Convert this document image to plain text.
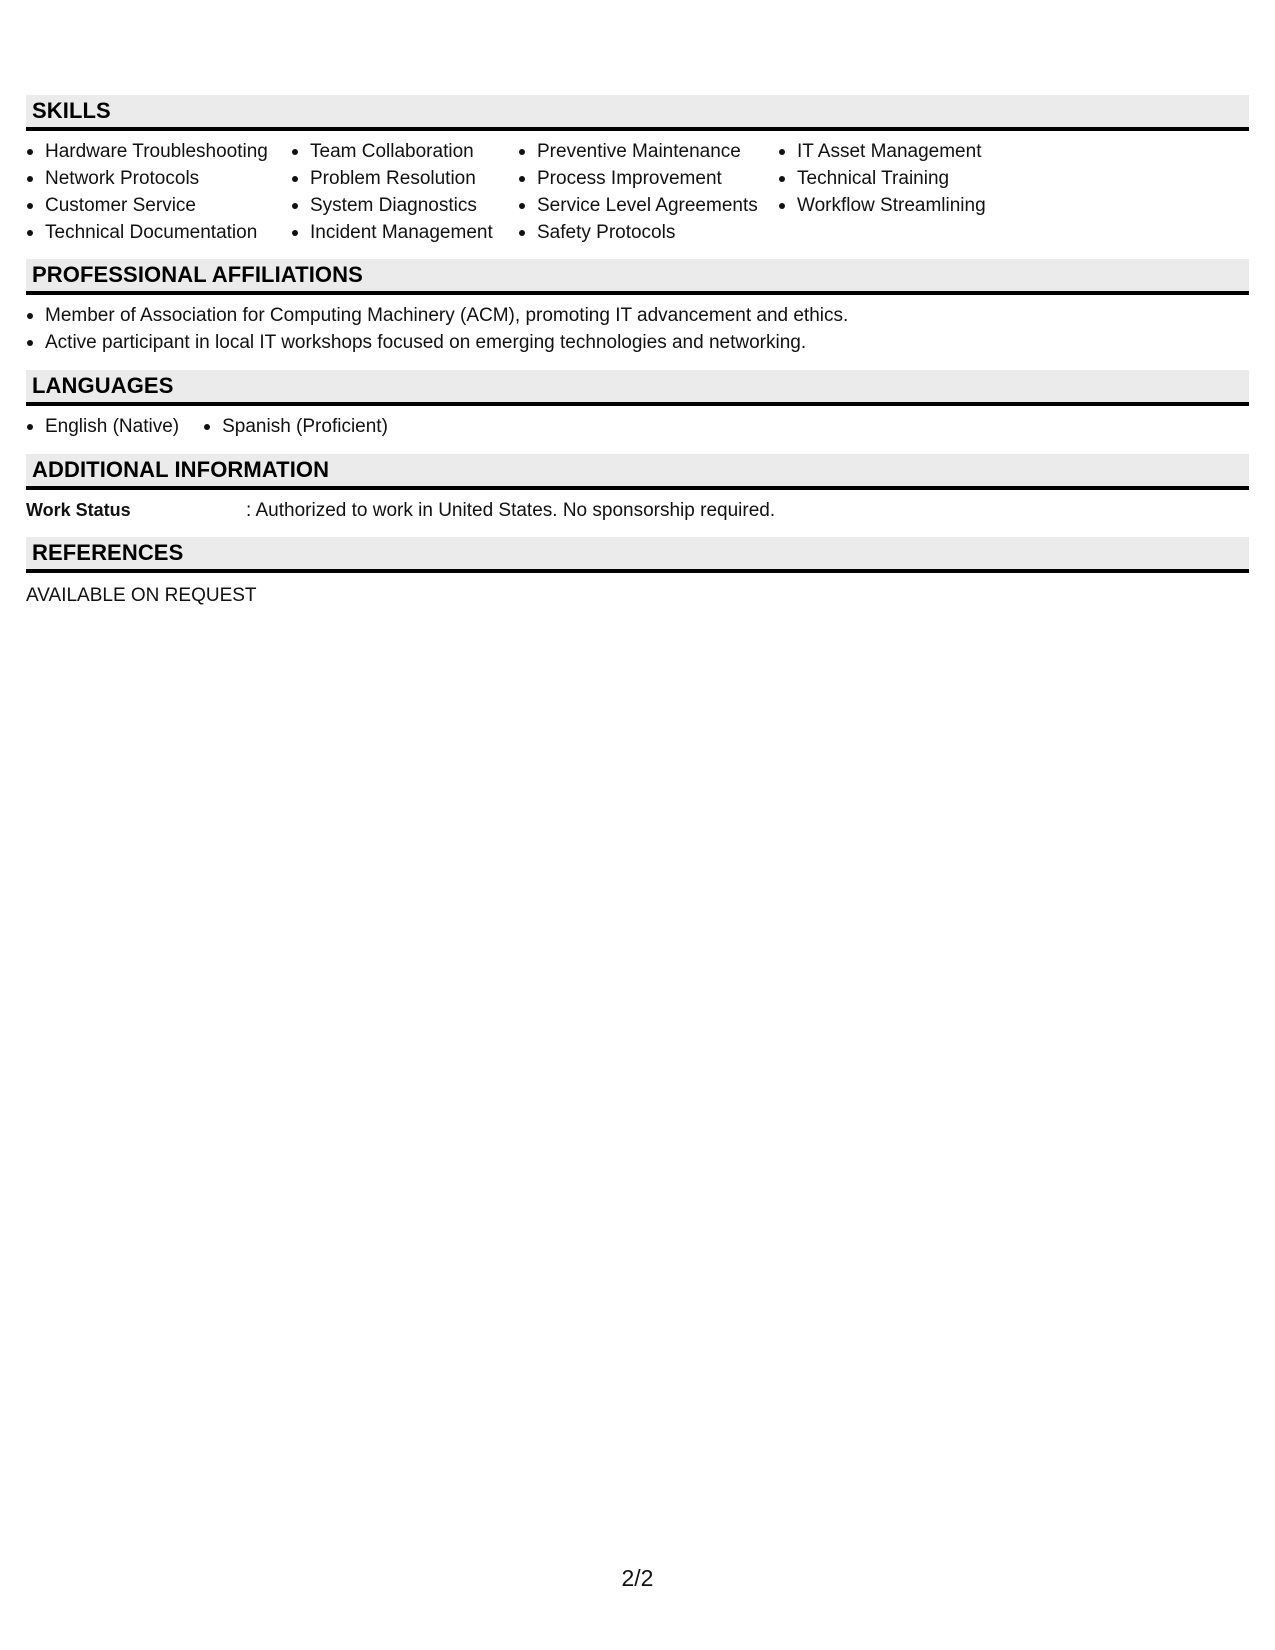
SKILLS
Hardware Troubleshooting
Network Protocols
Customer Service
Technical Documentation
Team Collaboration
Problem Resolution
System Diagnostics
Incident Management
Preventive Maintenance
Process Improvement
Service Level Agreements
Safety Protocols
IT Asset Management
Technical Training
Workflow Streamlining
PROFESSIONAL AFFILIATIONS
Member of Association for Computing Machinery (ACM), promoting IT advancement and ethics.
Active participant in local IT workshops focused on emerging technologies and networking.
LANGUAGES
English (Native)	Spanish (Proficient)
ADDITIONAL INFORMATION
Work Status	: Authorized to work in United States. No sponsorship required.
REFERENCES
AVAILABLE ON REQUEST
2/2
